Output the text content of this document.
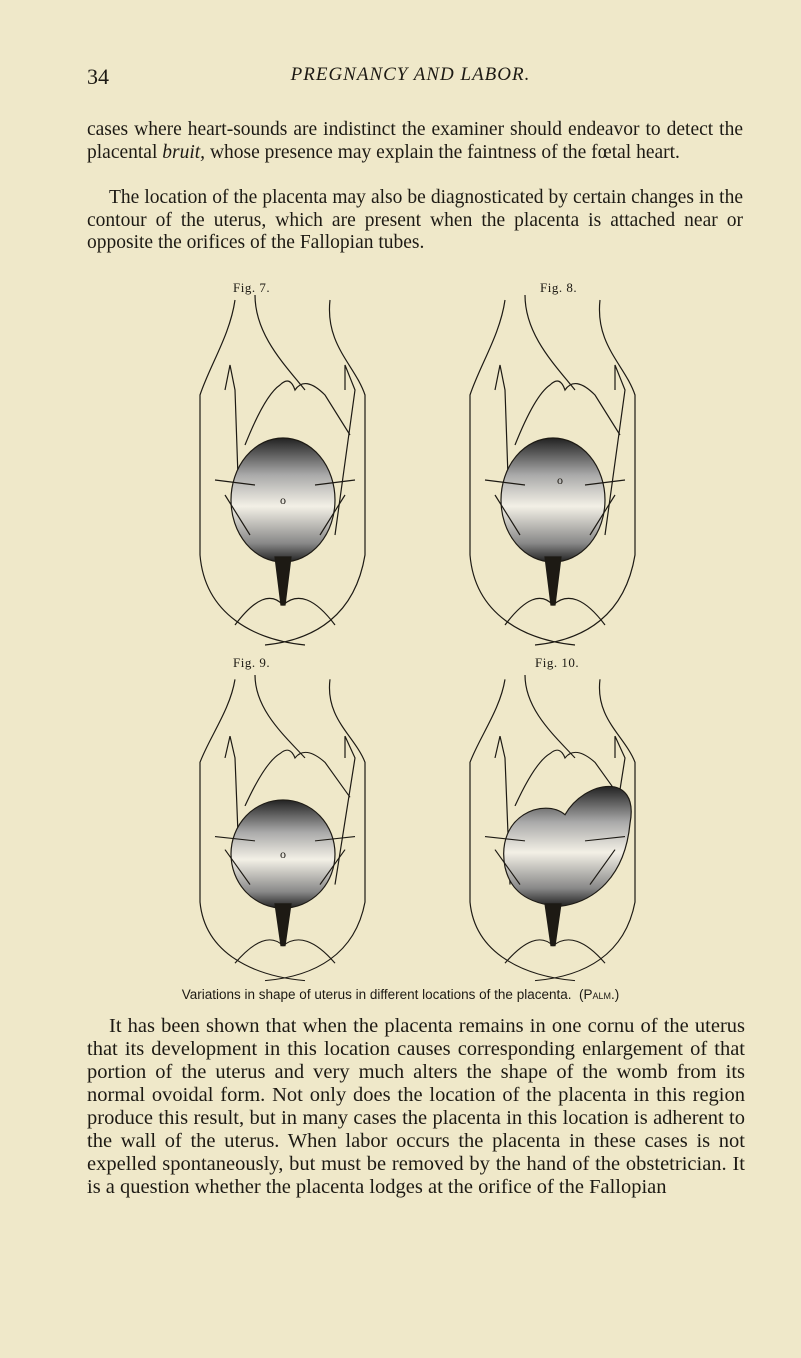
34	PREGNANCY AND LABOR.
cases where heart-sounds are indistinct the examiner should endeavor to detect the placental bruit, whose presence may explain the faintness of the fœtal heart.
The location of the placenta may also be diagnosticated by certain changes in the contour of the uterus, which are present when the placenta is attached near or opposite the orifices of the Fallopian tubes.
Fig. 7.	Fig. 8.
Fig. 9.	Fig. 10.
o
o
o
Variations in shape of uterus in different locations of the placenta. (Palm.)
It has been shown that when the placenta remains in one cornu of the uterus that its development in this location causes corresponding enlargement of that portion of the uterus and very much alters the shape of the womb from its normal ovoidal form. Not only does the location of the placenta in this region produce this result, but in many cases the placenta in this location is adherent to the wall of the uterus. When labor occurs the placenta in these cases is not expelled spontaneously, but must be removed by the hand of the obstetrician. It is a question whether the placenta lodges at the orifice of the Fallopian
